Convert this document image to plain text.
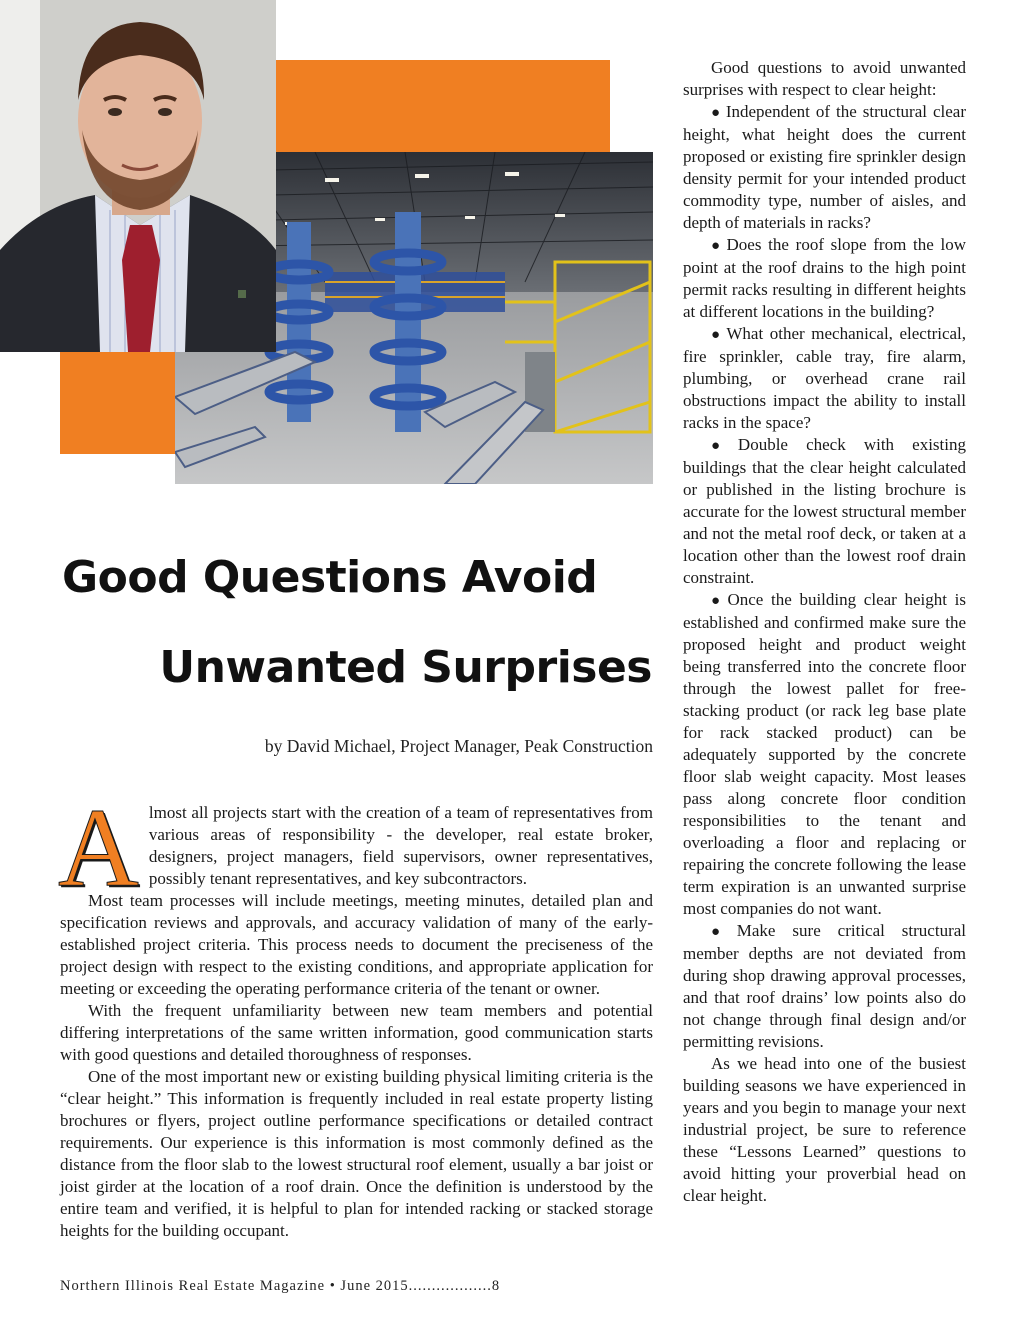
Good Questions Avoid
Unwanted Surprises
by David Michael, Project Manager, Peak Construction

Almost all projects start with the creation of a team of representatives from various areas of responsibility - the developer, real estate broker, designers, project managers, field supervisors, owner representatives, possibly tenant representatives, and key subcontractors.

Most team processes will include meetings, meeting minutes, detailed plan and specification reviews and approvals, and accuracy validation of many of the early-established project criteria. This process needs to document the preciseness of the project design with respect to the existing conditions, and appropriate application for meeting or exceeding the operating performance criteria of the tenant or owner.

With the frequent unfamiliarity between new team members and potential differing interpretations of the same written information, good communication starts with good questions and detailed thoroughness of responses.

One of the most important new or existing building physical limiting criteria is the “clear height.” This information is frequently included in real estate property listing brochures or flyers, project outline performance specifications or detailed contract requirements. Our experience is this information is most commonly defined as the distance from the floor slab to the lowest structural roof element, usually a bar joist or joist girder at the location of a roof drain. Once the definition is understood by the entire team and verified, it is helpful to plan for intended racking or stacked storage heights for the building occupant.

Good questions to avoid unwanted surprises with respect to clear height:

● Independent of the structural clear height, what height does the current proposed or existing fire sprinkler design density permit for your intended product commodity type, number of aisles, and depth of materials in racks?

● Does the roof slope from the low point at the roof drains to the high point permit racks resulting in different heights at different locations in the building?

● What other mechanical, electrical, fire sprinkler, cable tray, fire alarm, plumbing, or overhead crane rail obstructions impact the ability to install racks in the space?

● Double check with existing buildings that the clear height calculated or published in the listing brochure is accurate for the lowest structural member and not the metal roof deck, or taken at a location other than the lowest roof drain constraint.

● Once the building clear height is established and confirmed make sure the proposed height and product weight being transferred into the concrete floor through the lowest pallet for free-stacking product (or rack leg base plate for rack stacked product) can be adequately supported by the concrete floor slab weight capacity. Most leases pass along concrete floor condition responsibilities to the tenant and overloading a floor and replacing or repairing the concrete following the lease term expiration is an unwanted surprise most companies do not want.

● Make sure critical structural member depths are not deviated from during shop drawing approval processes, and that roof drains’ low points also do not change through final design and/or permitting revisions.

As we head into one of the busiest building seasons we have experienced in years and you begin to manage your next industrial project, be sure to reference these “Lessons Learned” questions to avoid hitting your proverbial head on clear height.

Northern Illinois Real Estate Magazine • June 2015..................8
